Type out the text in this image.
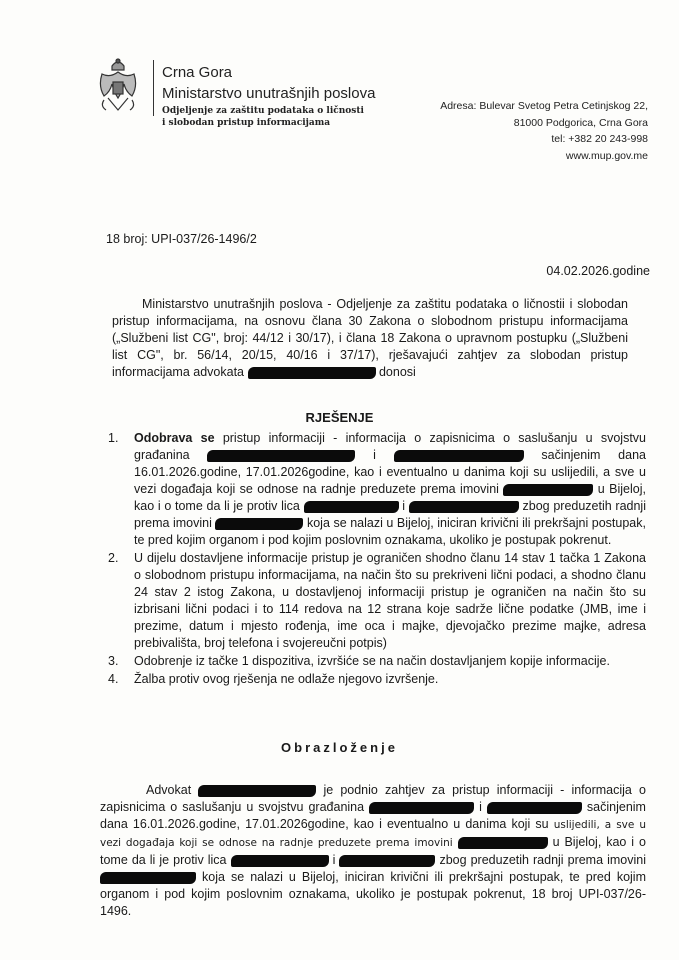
Crna Gora
Ministarstvo unutrašnjih poslova
Odjeljenje za zaštitu podataka o ličnosti
i slobodan pristup informacijama
Adresa: Bulevar Svetog Petra Cetinjskog 22,
81000 Podgorica, Crna Gora
tel: +382 20 243-998
www.mup.gov.me
18 broj: UPI-037/26-1496/2
04.02.2026.godine
Ministarstvo unutrašnjih poslova - Odjeljenje za zaštitu podataka o ličnostii i slobodan pristup informacijama, na osnovu člana 30 Zakona o slobodnom pristupu informacijama („Službeni list CG", broj: 44/12 i 30/17), i člana 18 Zakona o upravnom postupku („Službeni list CG", br. 56/14, 20/15, 40/16 i 37/17), rješavajući zahtjev za slobodan pristup informacijama advokata	donosi
RJEŠENJE
1. Odobrava se pristup informaciji - informacija o zapisnicima o saslušanju u svojstvu građanina	i	sačinjenim dana 16.01.2026.godine, 17.01.2026godine, kao i eventualno u danima koji su uslijedili, a sve u vezi događaja koji se odnose na radnje preduzete prema imovini	u Bijeloj, kao i o tome da li je protiv lica	i	zbog preduzetih radnji prema imovini	koja se nalazi u Bijeloj, iniciran krivični ili prekršajni postupak, te pred kojim organom i pod kojim poslovnim oznakama, ukoliko je postupak pokrenut.
2. U dijelu dostavljene informacije pristup je ograničen shodno članu 14 stav 1 tačka 1 Zakona o slobodnom pristupu informacijama, na način što su prekriveni lični podaci, a shodno članu 24 stav 2 istog Zakona, u dostavljenoj informaciji pristup je ograničen na način što su izbrisani lični podaci i to 114 redova na 12 strana koje sadrže lične podatke (JMB, ime i prezime, datum i mjesto rođenja, ime oca i majke, djevojačko prezime majke, adresa prebivališta, broj telefona i svojereučni potpis)
3. Odobrenje iz tačke 1 dispozitiva, izvršiće se na način dostavljanjem kopije informacije.
4. Žalba protiv ovog rješenja ne odlaže njegovo izvršenje.
Obrazloženje
Advokat	je podnio zahtjev za pristup informaciji - informacija o zapisnicima o saslušanju u svojstvu građanina	i	sačinjenim dana 16.01.2026.godine, 17.01.2026godine, kao i eventualno u danima koji su uslijedili, a sve u vezi događaja koji se odnose na radnje preduzete prema imovini	u Bijeloj, kao i o tome da li je protiv lica	i	zbog preduzetih radnji prema imovini  koja se nalazi u Bijeloj, iniciran krivični ili prekršajni postupak, te pred kojim organom i pod kojim poslovnim oznakama, ukoliko je postupak pokrenut, 18 broj UPI-037/26-1496.
